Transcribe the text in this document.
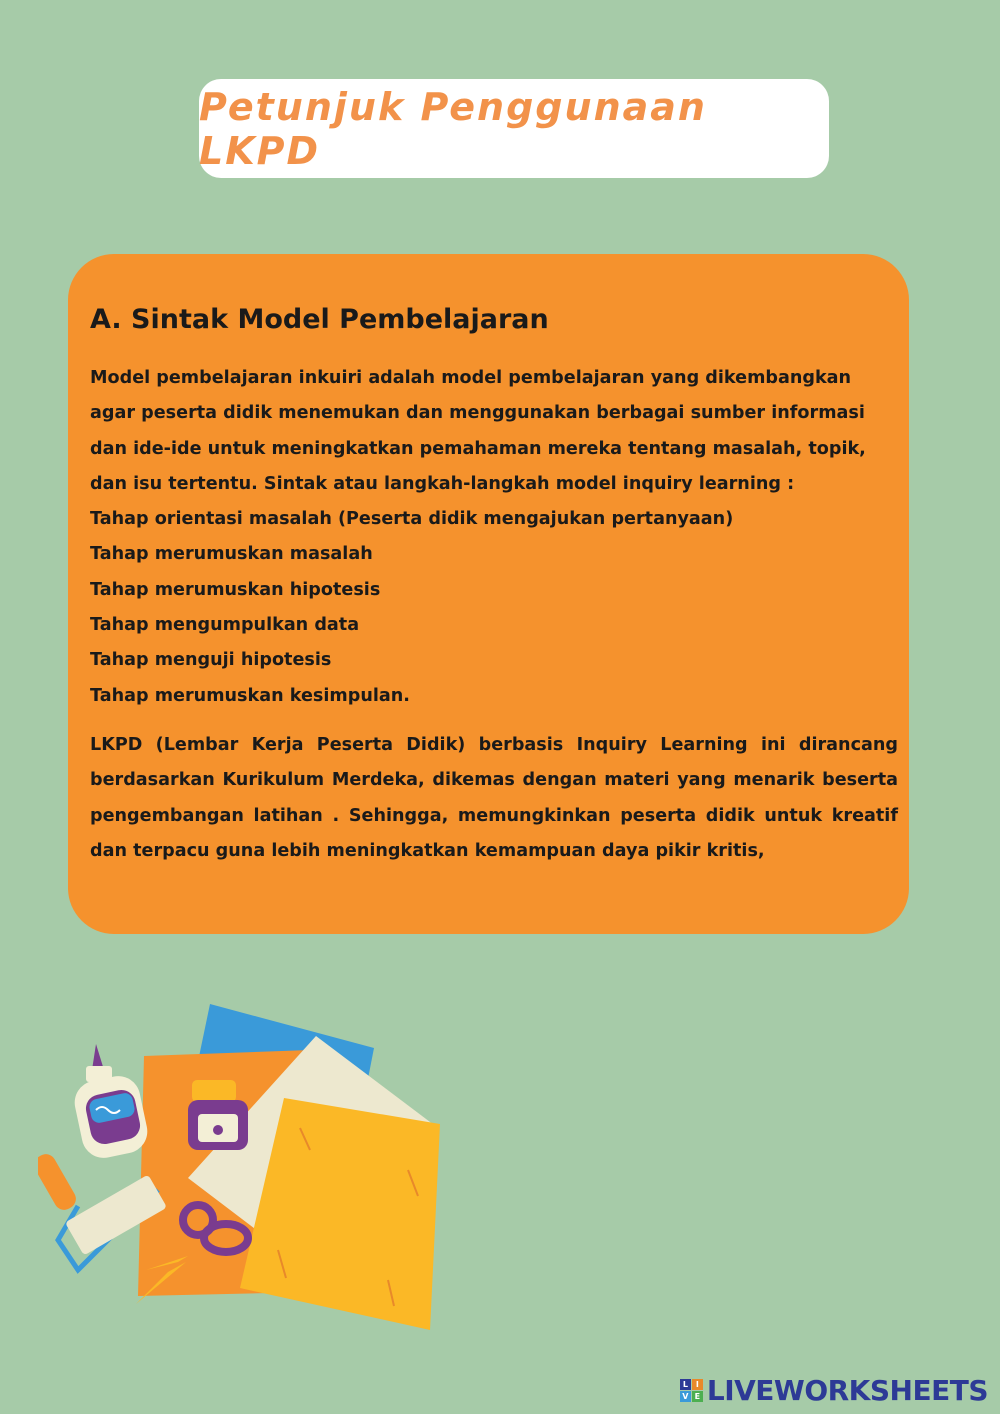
Petunjuk Penggunaan LKPD
A. Sintak Model Pembelajaran
Model pembelajaran inkuiri adalah model pembelajaran yang dikembangkan
agar peserta didik menemukan dan menggunakan berbagai sumber informasi
dan ide-ide untuk meningkatkan pemahaman mereka tentang masalah, topik,
dan isu tertentu. Sintak atau langkah-langkah model inquiry learning :
Tahap orientasi masalah (Peserta didik mengajukan pertanyaan)
Tahap merumuskan masalah
Tahap merumuskan hipotesis
Tahap mengumpulkan data
Tahap menguji hipotesis
Tahap merumuskan kesimpulan.

LKPD (Lembar Kerja Peserta Didik) berbasis Inquiry Learning ini dirancang berdasarkan Kurikulum Merdeka, dikemas dengan materi yang menarik beserta pengembangan latihan . Sehingga, memungkinkan peserta didik untuk kreatif dan terpacu guna lebih meningkatkan kemampuan daya pikir kritis,

L I
V E LIVEWORKSHEETS
